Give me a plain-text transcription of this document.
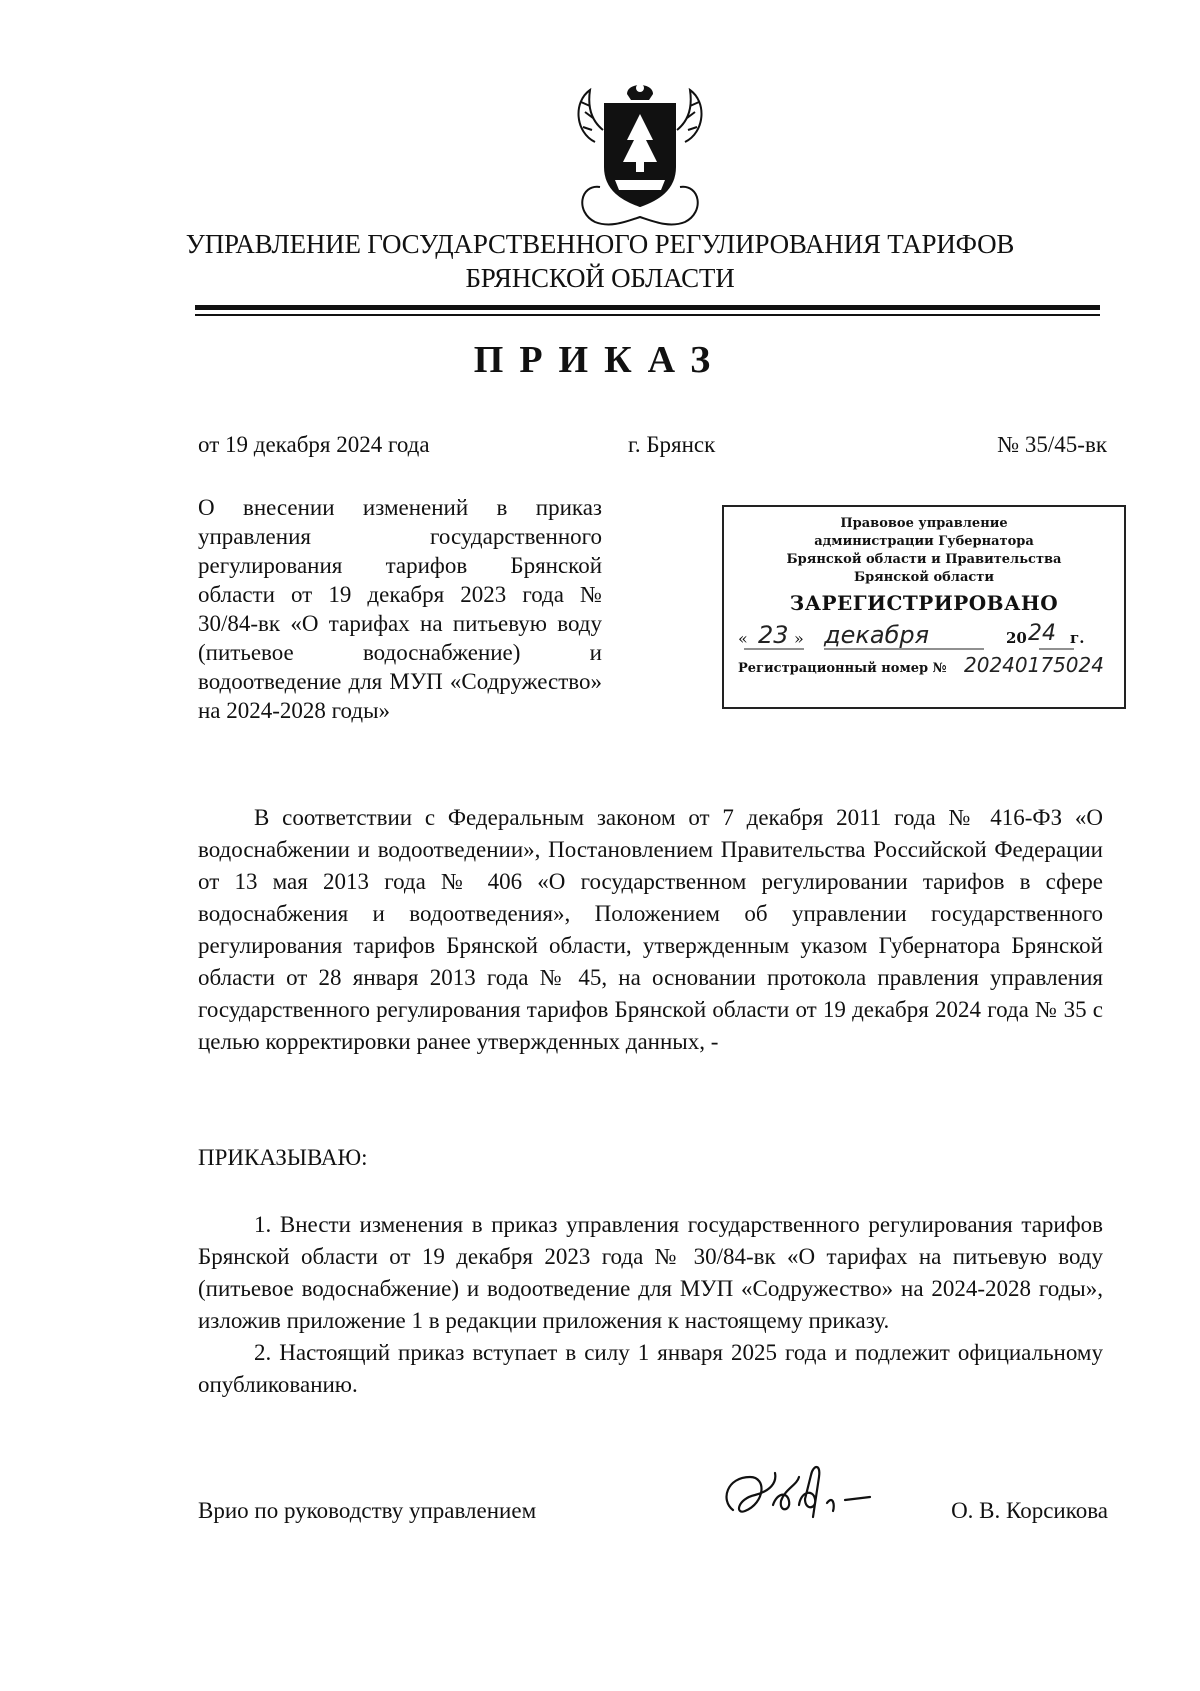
УПРАВЛЕНИЕ ГОСУДАРСТВЕННОГО РЕГУЛИРОВАНИЯ ТАРИФОВ
БРЯНСКОЙ ОБЛАСТИ
ПРИКАЗ
от 19 декабря 2024 года	г. Брянск	№ 35/45-вк
О внесении изменений в приказ управления государственного регулирования тарифов Брянской области от 19 декабря 2023 года № 30/84-вк «О тарифах на питьевую воду (питьевое водоснабжение) и водоотведение для МУП «Содружество» на 2024-2028 годы»
Правовое управление
администрации Губернатора
Брянской области и Правительства
Брянской области
ЗАРЕГИСТРИРОВАНО
« 23 » декабря	20 24 г.
Регистрационный номер № 20240175024
В соответствии с Федеральным законом от 7 декабря 2011 года № 416-ФЗ «О водоснабжении и водоотведении», Постановлением Правительства Российской Федерации от 13 мая 2013 года № 406 «О государственном регулировании тарифов в сфере водоснабжения и водоотведения», Положением об управлении государственного регулирования тарифов Брянской области, утвержденным указом Губернатора Брянской области от 28 января 2013 года № 45, на основании протокола правления управления государственного регулирования тарифов Брянской области от 19 декабря 2024 года № 35 с целью корректировки ранее утвержденных данных, -
ПРИКАЗЫВАЮ:

1. Внести изменения в приказ управления государственного регулирования тарифов Брянской области от 19 декабря 2023 года № 30/84-вк «О тарифах на питьевую воду (питьевое водоснабжение) и водоотведение для МУП «Содружество» на 2024-2028 годы», изложив приложение 1 в редакции приложения к настоящему приказу.

2. Настоящий приказ вступает в силу 1 января 2025 года и подлежит официальному опубликованию.

Врио по руководству управлением	О. В. Корсикова
